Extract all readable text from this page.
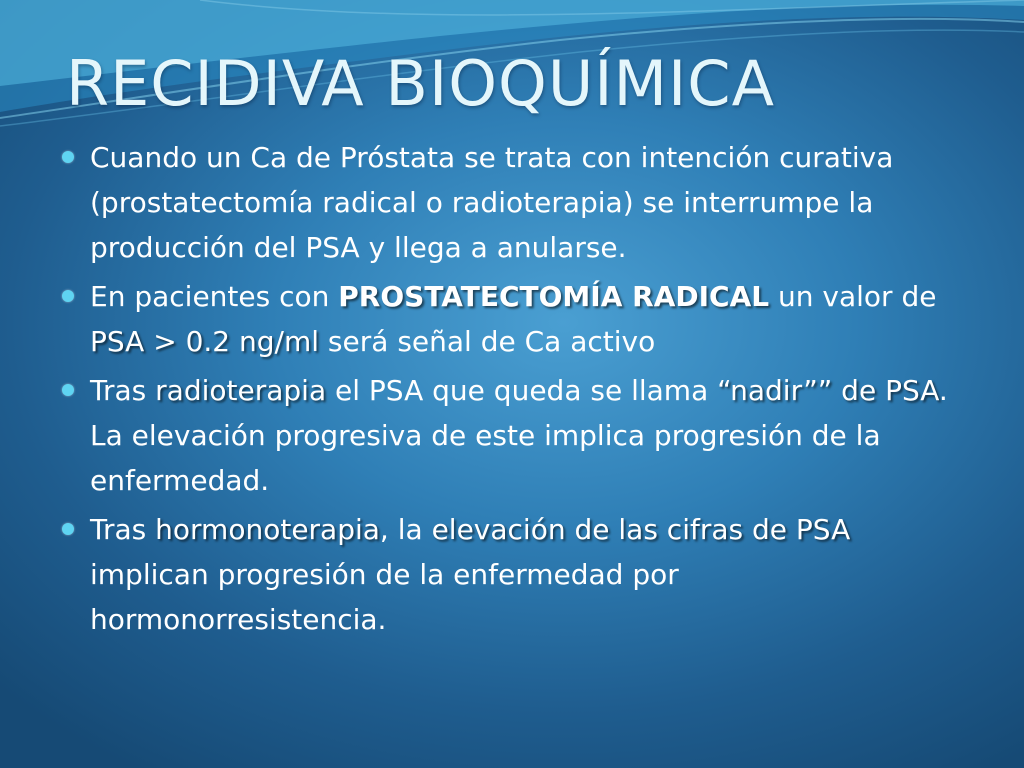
RECIDIVA BIOQUÍMICA
Cuando un Ca de Próstata se trata con intención curativa (prostatectomía radical o radioterapia) se interrumpe la producción del PSA y llega a anularse.
En pacientes con PROSTATECTOMÍA RADICAL un valor de PSA > 0.2 ng/ml será señal de Ca activo
Tras radioterapia el PSA que queda se llama “nadir”” de PSA. La elevación progresiva de este implica progresión de la enfermedad.
Tras hormonoterapia, la elevación de las cifras de PSA implican progresión de la enfermedad por hormonorresistencia.
